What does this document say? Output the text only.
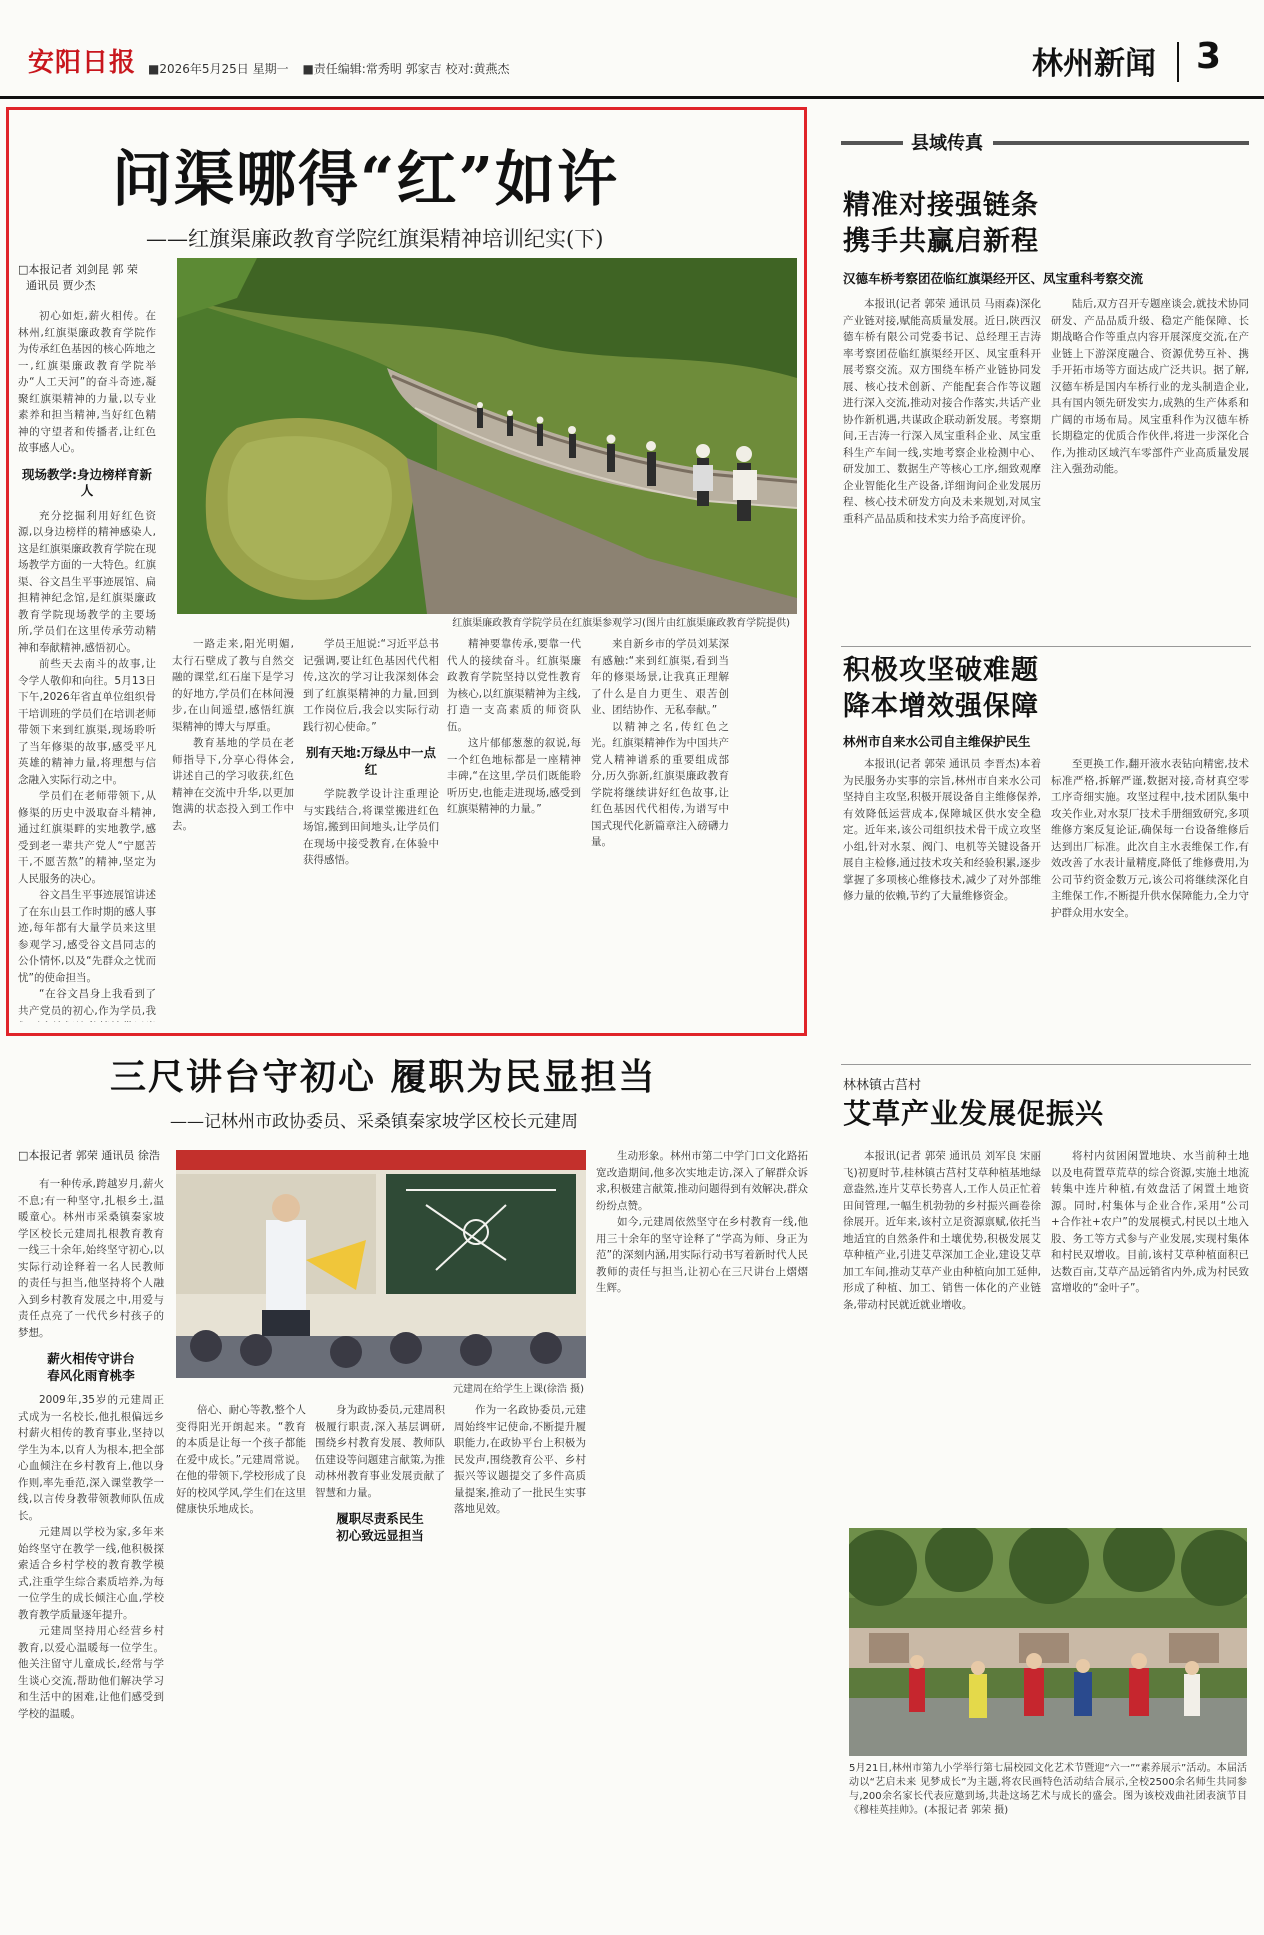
安阳日报 ■2026年5月25日 星期一 ■责任编辑:常秀明 郭家吉 校对:黄燕杰	林州新闻 3
问渠哪得“红”如许
——红旗渠廉政教育学院红旗渠精神培训纪实(下)
□本报记者 刘剑昆 郭 荣
通讯员 贾少杰

初心如炬,薪火相传。在林州,红旗渠廉政教育学院作为传承红色基因的核心阵地之一,红旗渠廉政教育学院举办“人工天河”的奋斗奇迹,凝聚红旗渠精神的力量,以专业素养和担当精神,当好红色精神的守望者和传播者,让红色故事感人心。

现场教学:身边榜样育新人

充分挖掘利用好红色资源,以身边榜样的精神感染人,这是红旗渠廉政教育学院在现场教学方面的一大特色。红旗渠、谷文昌生平事迹展馆、扁担精神纪念馆,是红旗渠廉政教育学院现场教学的主要场所,学员们在这里传承劳动精神和奉献精神,感悟初心。

前些天去南斗的故事,让令学人敬仰和向往。5月13日下午,2026年省直单位组织骨干培训班的学员们在培训老师带领下来到红旗渠,现场聆听了当年修渠的故事,感受平凡英雄的精神力量,将理想与信念融入实际行动之中。

学员们在老师带领下,从修渠的历史中汲取奋斗精神,通过红旗渠畔的实地教学,感受到老一辈共产党人“宁愿苦干,不愿苦熬”的精神,坚定为人民服务的决心。

谷文昌生平事迹展馆讲述了在东山县工作时期的感人事迹,每年都有大量学员来这里参观学习,感受谷文昌同志的公仆情怀,以及“先群众之忧而忧”的使命担当。

“在谷文昌身上我看到了共产党员的初心,作为学员,我

红旗渠廉政教育学院学员在红旗渠参观学习(图片由红旗渠廉政教育学院提供)

一路走来,阳光明媚,太行石壁成了教与自然交融的课堂,红石崖下是学习的好地方,学员们在林间漫步,在山间遥望,感悟红旗渠精神的博大与厚重。

教育基地的学员在老师指导下,分享心得体会,讲述自己的学习收获,红色精神在交流中升华,以更加饱满的状态投入到工作中去。

学员王旭说:“习近平总书记强调,要让红色基因代代相传,这次的学习让我深刻体会到了红旗渠精神的力量,回到工作岗位后,我会以实际行动践行初心使命。”

别有天地:万绿丛中一点红

学院教学设计注重理论与实践结合,将课堂搬进红色场馆,搬到田间地头,让学员们在现场中接受教育,在体验中获得感悟。

精神要靠传承,要靠一代代人的接续奋斗。红旗渠廉政教育学院坚持以党性教育为核心,以红旗渠精神为主线,打造一支高素质的师资队伍。

这片郁郁葱葱的叙说,每一个红色地标都是一座精神丰碑,“在这里,学员们既能聆听历史,也能走进现场,感受到红旗渠精神的力量。”

来自新乡市的学员刘某深有感触:“来到红旗渠,看到当年的修渠场景,让我真正理解了什么是自力更生、艰苦创业、团结协作、无私奉献。”

以精神之名,传红色之光。红旗渠精神作为中国共产党人精神谱系的重要组成部分,历久弥新,红旗渠廉政教育学院将继续讲好红色故事,让红色基因代代相传,为谱写中国式现代化新篇章注入磅礴力量。

县域传真
精准对接强链条
携手共赢启新程
汉德车桥考察团莅临红旗渠经开区、凤宝重科考察交流

本报讯(记者 郭荣 通讯员 马雨森)深化产业链对接,赋能高质量发展。近日,陕西汉德车桥有限公司党委书记、总经理王吉涛率考察团莅临红旗渠经开区、凤宝重科开展考察交流。双方围绕车桥产业链协同发展、核心技术创新、产能配套合作等议题进行深入交流,推动对接合作落实,共话产业协作新机遇,共谋政企联动新发展。考察期间,王吉涛一行深入凤宝重科企业、凤宝重科生产车间一线,实地考察企业检测中心、研发加工、数据生产等核心工序,细致观摩企业智能化生产设备,详细询问企业发展历程、核心技术研发方向及未来规划,对凤宝重科产品品质和技术实力给予高度评价。

陆后,双方召开专题座谈会,就技术协同研发、产品品质升级、稳定产能保障、长期战略合作等重点内容开展深度交流,在产业链上下游深度融合、资源优势互补、携手开拓市场等方面达成广泛共识。据了解,汉德车桥是国内车桥行业的龙头制造企业,具有国内领先研发实力,成熟的生产体系和广阔的市场布局。凤宝重科作为汉德车桥长期稳定的优质合作伙伴,将进一步深化合作,为推动区域汽车零部件产业高质量发展注入强劲动能。

积极攻坚破难题
降本增效强保障
林州市自来水公司自主维保护民生

本报讯(记者 郭荣 通讯员 李晋杰)本着为民服务办实事的宗旨,林州市自来水公司坚持自主攻坚,积极开展设备自主维修保养,有效降低运营成本,保障城区供水安全稳定。近年来,该公司组织技术骨干成立攻坚小组,针对水泵、阀门、电机等关键设备开展自主检修,通过技术攻关和经验积累,逐步掌握了多项核心维修技术,减少了对外部维修力量的依赖,节约了大量维修资金。

至更换工作,翻开液水表钻向精密,技术标准严格,拆解严谨,数据对接,奇材真空零工序奇细实施。攻坚过程中,技术团队集中攻关作业,对水泵厂技术手册细致研究,多项维修方案反复论证,确保每一台设备维修后达到出厂标准。此次自主水表维保工作,有效改善了水表计量精度,降低了维修费用,为公司节约资金数万元,该公司将继续深化自主维保工作,不断提升供水保障能力,全力守护群众用水安全。

林林镇古莒村
艾草产业发展促振兴

本报讯(记者 郭荣 通讯员 刘军良 宋丽飞)初夏时节,桂林镇古莒村艾草种植基地绿意盎然,连片艾草长势喜人,工作人员正忙着田间管理,一幅生机勃勃的乡村振兴画卷徐徐展开。近年来,该村立足资源禀赋,依托当地适宜的自然条件和土壤优势,积极发展艾草种植产业,引进艾草深加工企业,建设艾草加工车间,推动艾草产业由种植向加工延伸,形成了种植、加工、销售一体化的产业链条,带动村民就近就业增收。

将村内贫困闲置地块、水当前种土地以及电荷置草荒草的综合资源,实施土地流转集中连片种植,有效盘活了闲置土地资源。同时,村集体与企业合作,采用“公司+合作社+农户”的发展模式,村民以土地入股、务工等方式参与产业发展,实现村集体和村民双增收。目前,该村艾草种植面积已达数百亩,艾草产品远销省内外,成为村民致富增收的“金叶子”。

5月21日,林州市第九小学举行第七届校园文化艺术节暨迎“六一”“素养展示”活动。本届活动以“艺启未来 见梦成长”为主题,将农民画特色活动结合展示,全校2500余名师生共同参与,200余名家长代表应邀到场,共赴这场艺术与成长的盛会。图为该校戏曲社团表演节目《穆桂英挂帅》。(本报记者 郭荣 摄)
三尺讲台守初心 履职为民显担当
——记林州市政协委员、采桑镇秦家坡学区校长元建周
□本报记者 郭荣 通讯员 徐浩

有一种传承,跨越岁月,薪火不息;有一种坚守,扎根乡土,温暖童心。林州市采桑镇秦家坡学区校长元建周扎根教育教育一线三十余年,始终坚守初心,以实际行动诠释着一名人民教师的责任与担当,他坚持将个人融入到乡村教育发展之中,用爱与责任点亮了一代代乡村孩子的梦想。

薪火相传守讲台
春风化雨育桃李

2009年,35岁的元建周正式成为一名校长,他扎根偏远乡村薪火相传的教育事业,坚持以学生为本,以育人为根本,把全部心血倾注在乡村教育上,他以身作则,率先垂范,深入课堂教学一线,以言传身教带领教师队伍成长。

元建周以学校为家,多年来始终坚守在教学一线,他积极探索适合乡村学校的教育教学模式,注重学生综合素质培养,为每一位学生的成长倾注心血,学校教育教学质量逐年提升。

元建周坚持用心经营乡村教育,以爱心温暖每一位学生。他关注留守儿童成长,经常与学生谈心交流,帮助他们解决学习和生活中的困难,让他们感受到学校的温暖。

元建周在给学生上课(徐浩 摄)

倍心、耐心等教,整个人变得阳光开朗起来。“教育的本质是让每一个孩子都能在爱中成长。”元建周常说。在他的带领下,学校形成了良好的校风学风,学生们在这里健康快乐地成长。

身为政协委员,元建周积极履行职责,深入基层调研,围绕乡村教育发展、教师队伍建设等问题建言献策,为推动林州教育事业发展贡献了智慧和力量。

履职尽责系民生
初心致远显担当

作为一名政协委员,元建周始终牢记使命,不断提升履职能力,在政协平台上积极为民发声,围绕教育公平、乡村振兴等议题提交了多件高质量提案,推动了一批民生实事落地见效。

生动形象。林州市第二中学门口文化路拓宽改造期间,他多次实地走访,深入了解群众诉求,积极建言献策,推动问题得到有效解决,群众纷纷点赞。

如今,元建周依然坚守在乡村教育一线,他用三十余年的坚守诠释了“学高为师、身正为范”的深刻内涵,用实际行动书写着新时代人民教师的责任与担当,让初心在三尺讲台上熠熠生辉。
